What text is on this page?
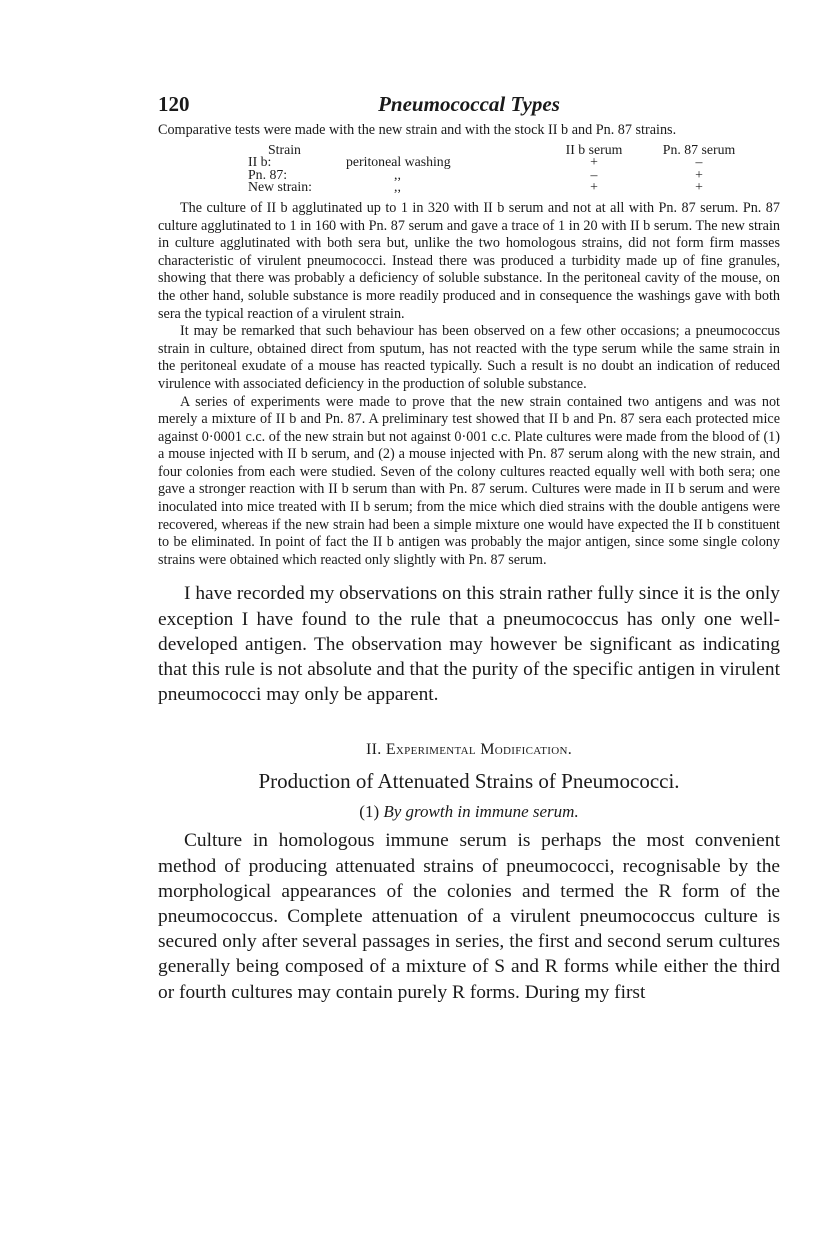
120	Pneumococcal Types

Comparative tests were made with the new strain and with the stock II b and Pn. 87 strains.

Strain		II b serum	Pn. 87 serum
II b:	peritoneal washing	+	–
Pn. 87:	,,	–	+
New strain:	,,	+	+

The culture of II b agglutinated up to 1 in 320 with II b serum and not at all with Pn. 87 serum. Pn. 87 culture agglutinated to 1 in 160 with Pn. 87 serum and gave a trace of 1 in 20 with II b serum. The new strain in culture agglutinated with both sera but, unlike the two homologous strains, did not form firm masses characteristic of virulent pneumococci. Instead there was produced a turbidity made up of fine granules, showing that there was probably a deficiency of soluble substance. In the peritoneal cavity of the mouse, on the other hand, soluble substance is more readily produced and in consequence the washings gave with both sera the typical reaction of a virulent strain.

It may be remarked that such behaviour has been observed on a few other occasions; a pneumococcus strain in culture, obtained direct from sputum, has not reacted with the type serum while the same strain in the peritoneal exudate of a mouse has reacted typically. Such a result is no doubt an indication of reduced virulence with associated deficiency in the production of soluble substance.

A series of experiments were made to prove that the new strain contained two antigens and was not merely a mixture of II b and Pn. 87. A preliminary test showed that II b and Pn. 87 sera each protected mice against 0·0001 c.c. of the new strain but not against 0·001 c.c. Plate cultures were made from the blood of (1) a mouse injected with II b serum, and (2) a mouse injected with Pn. 87 serum along with the new strain, and four colonies from each were studied. Seven of the colony cultures reacted equally well with both sera; one gave a stronger reaction with II b serum than with Pn. 87 serum. Cultures were made in II b serum and were inoculated into mice treated with II b serum; from the mice which died strains with the double antigens were recovered, whereas if the new strain had been a simple mixture one would have expected the II b constituent to be eliminated. In point of fact the II b antigen was probably the major antigen, since some single colony strains were obtained which reacted only slightly with Pn. 87 serum.

I have recorded my observations on this strain rather fully since it is the only exception I have found to the rule that a pneumococcus has only one well-developed antigen. The observation may however be significant as indicating that this rule is not absolute and that the purity of the specific antigen in virulent pneumococci may only be apparent.

II. Experimental Modification.
Production of Attenuated Strains of Pneumococci.
(1) By growth in immune serum.

Culture in homologous immune serum is perhaps the most convenient method of producing attenuated strains of pneumococci, recognisable by the morphological appearances of the colonies and termed the R form of the pneumococcus. Complete attenuation of a virulent pneumococcus culture is secured only after several passages in series, the first and second serum cultures generally being composed of a mixture of S and R forms while either the third or fourth cultures may contain purely R forms. During my first
